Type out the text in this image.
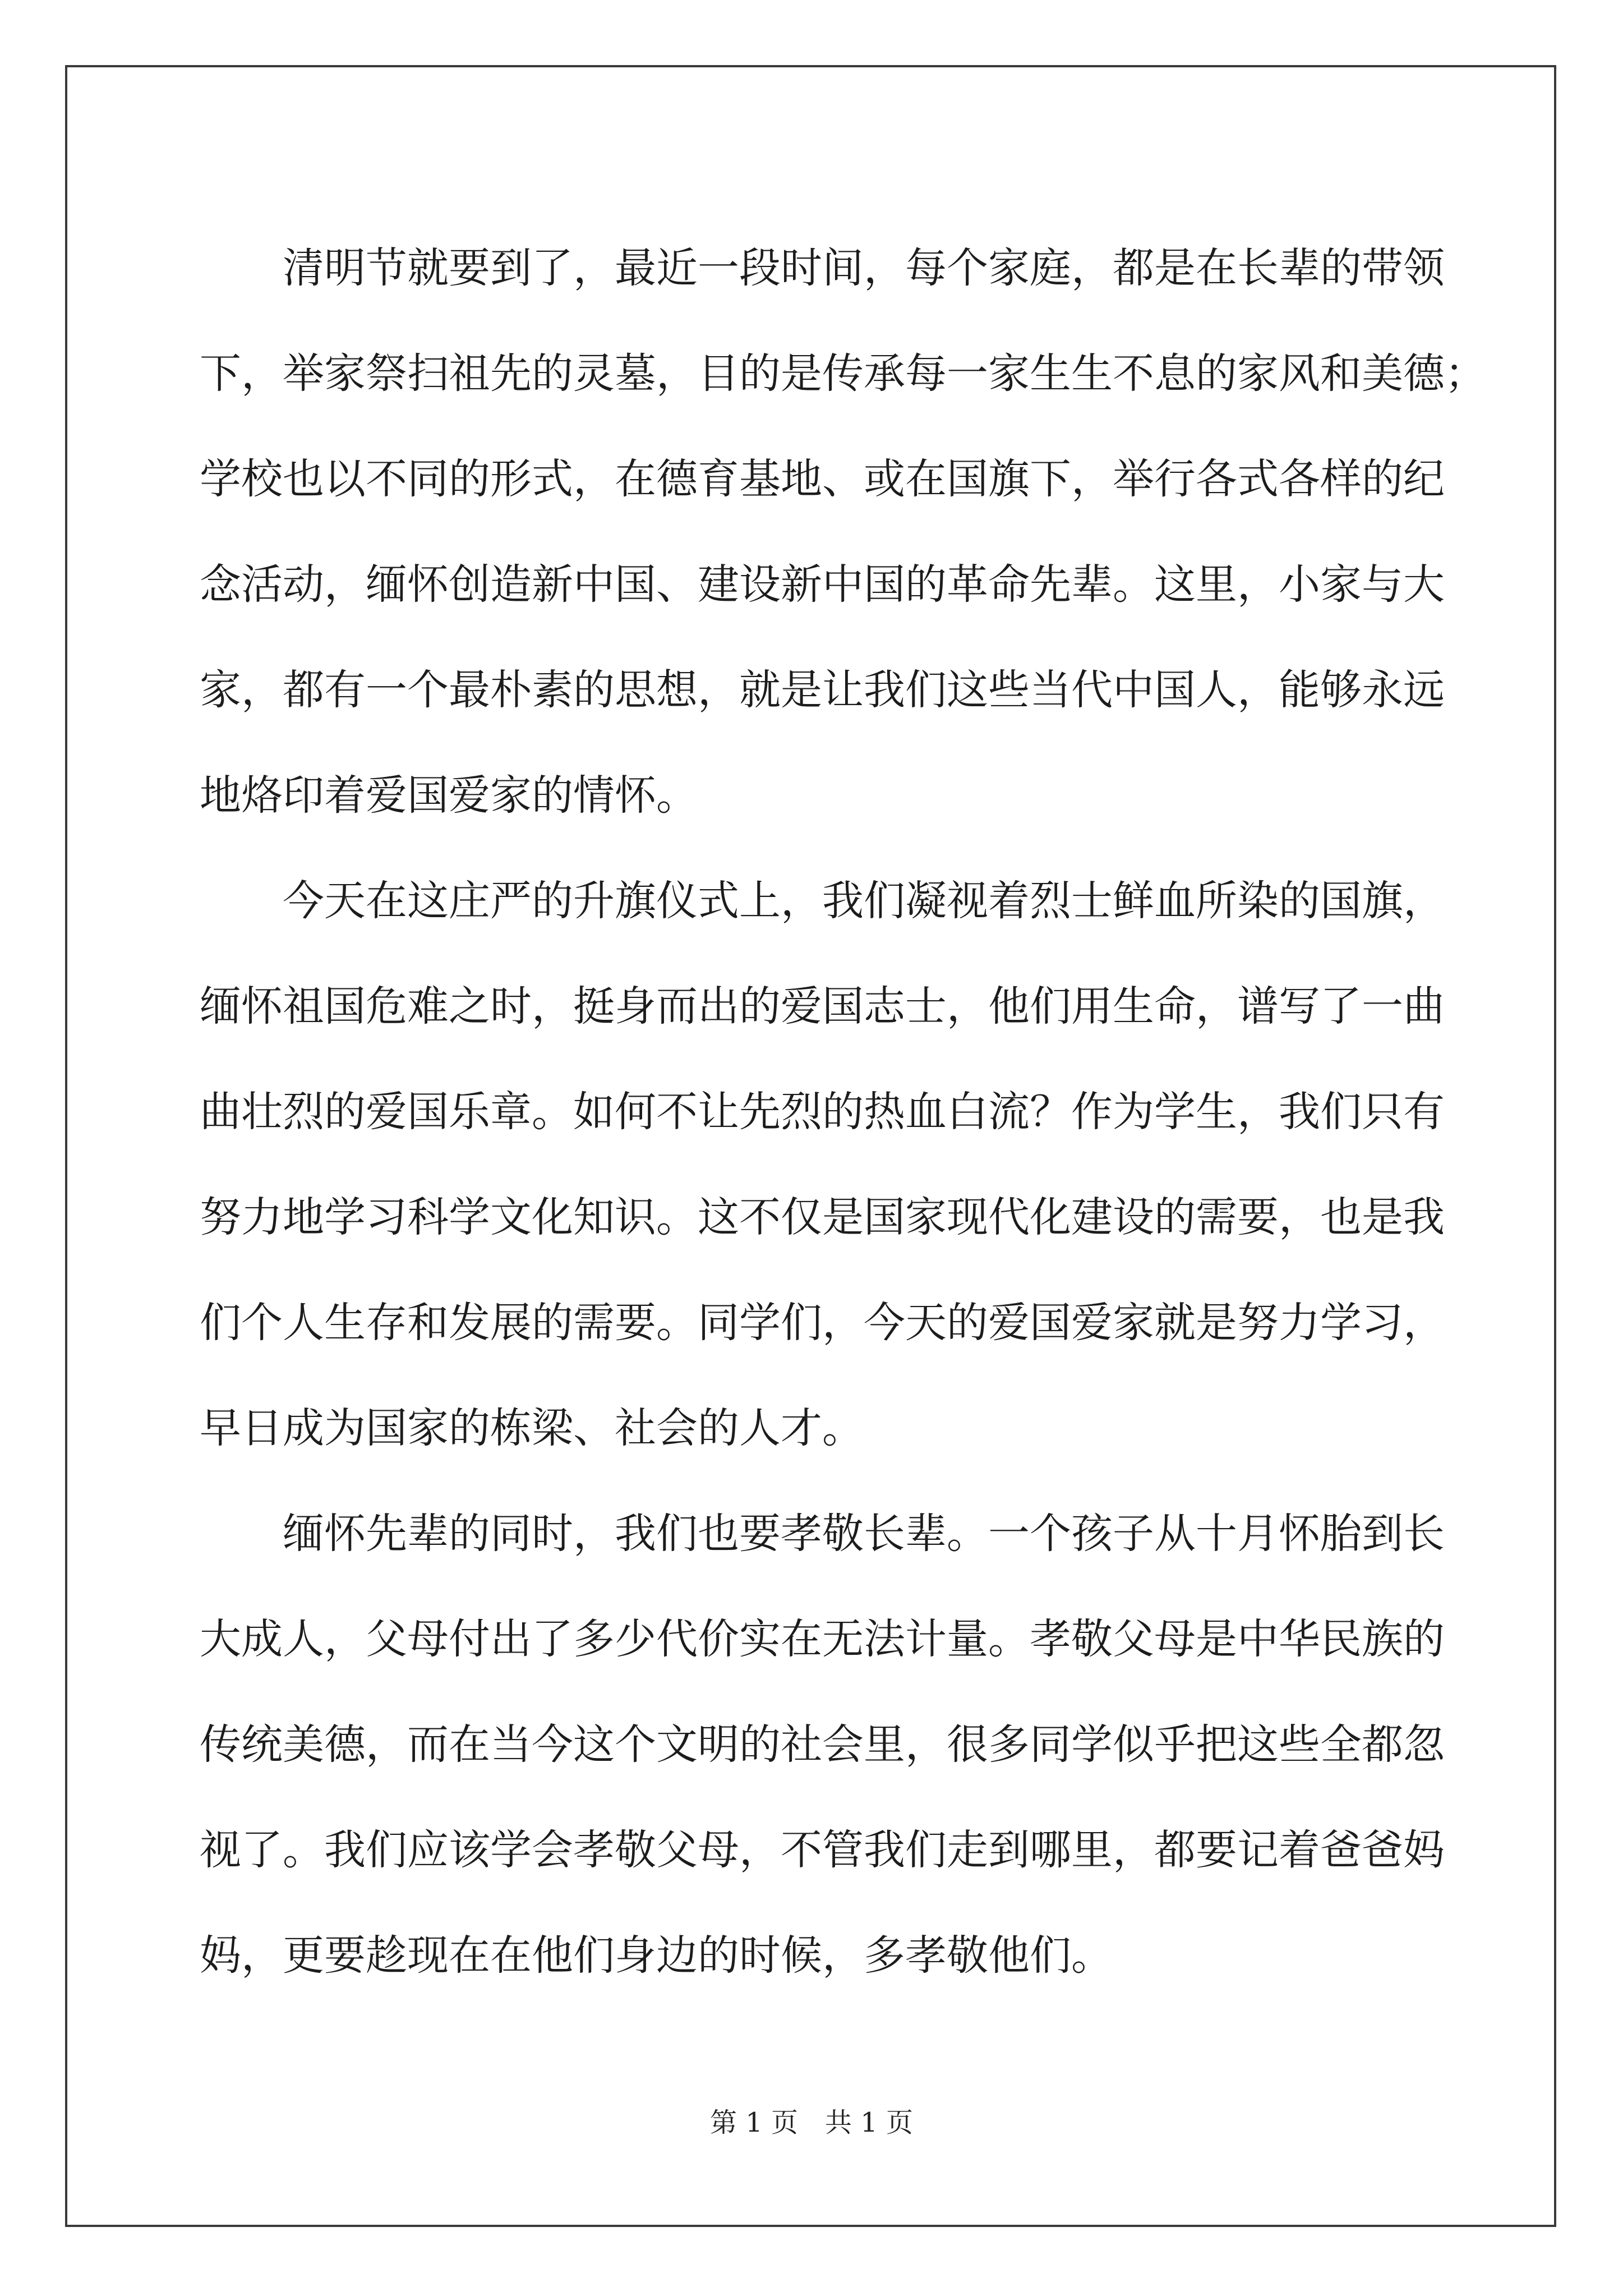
清明节就要到了，最近一段时间，每个家庭，都是在长辈的带领
下，举家祭扫祖先的灵墓，目的是传承每一家生生不息的家风和美德；
学校也以不同的形式，在德育基地、或在国旗下，举行各式各样的纪
念活动，缅怀创造新中国、建设新中国的革命先辈。这里，小家与大
家，都有一个最朴素的思想，就是让我们这些当代中国人，能够永远
地烙印着爱国爱家的情怀。
今天在这庄严的升旗仪式上，我们凝视着烈士鲜血所染的国旗，
缅怀祖国危难之时，挺身而出的爱国志士，他们用生命，谱写了一曲
曲壮烈的爱国乐章。如何不让先烈的热血白流？作为学生，我们只有
努力地学习科学文化知识。这不仅是国家现代化建设的需要，也是我
们个人生存和发展的需要。同学们，今天的爱国爱家就是努力学习，
早日成为国家的栋梁、社会的人才。
缅怀先辈的同时，我们也要孝敬长辈。一个孩子从十月怀胎到长
大成人，父母付出了多少代价实在无法计量。孝敬父母是中华民族的
传统美德，而在当今这个文明的社会里，很多同学似乎把这些全都忽
视了。我们应该学会孝敬父母，不管我们走到哪里，都要记着爸爸妈
妈，更要趁现在在他们身边的时候，多孝敬他们。
第 1 页　共 1 页
